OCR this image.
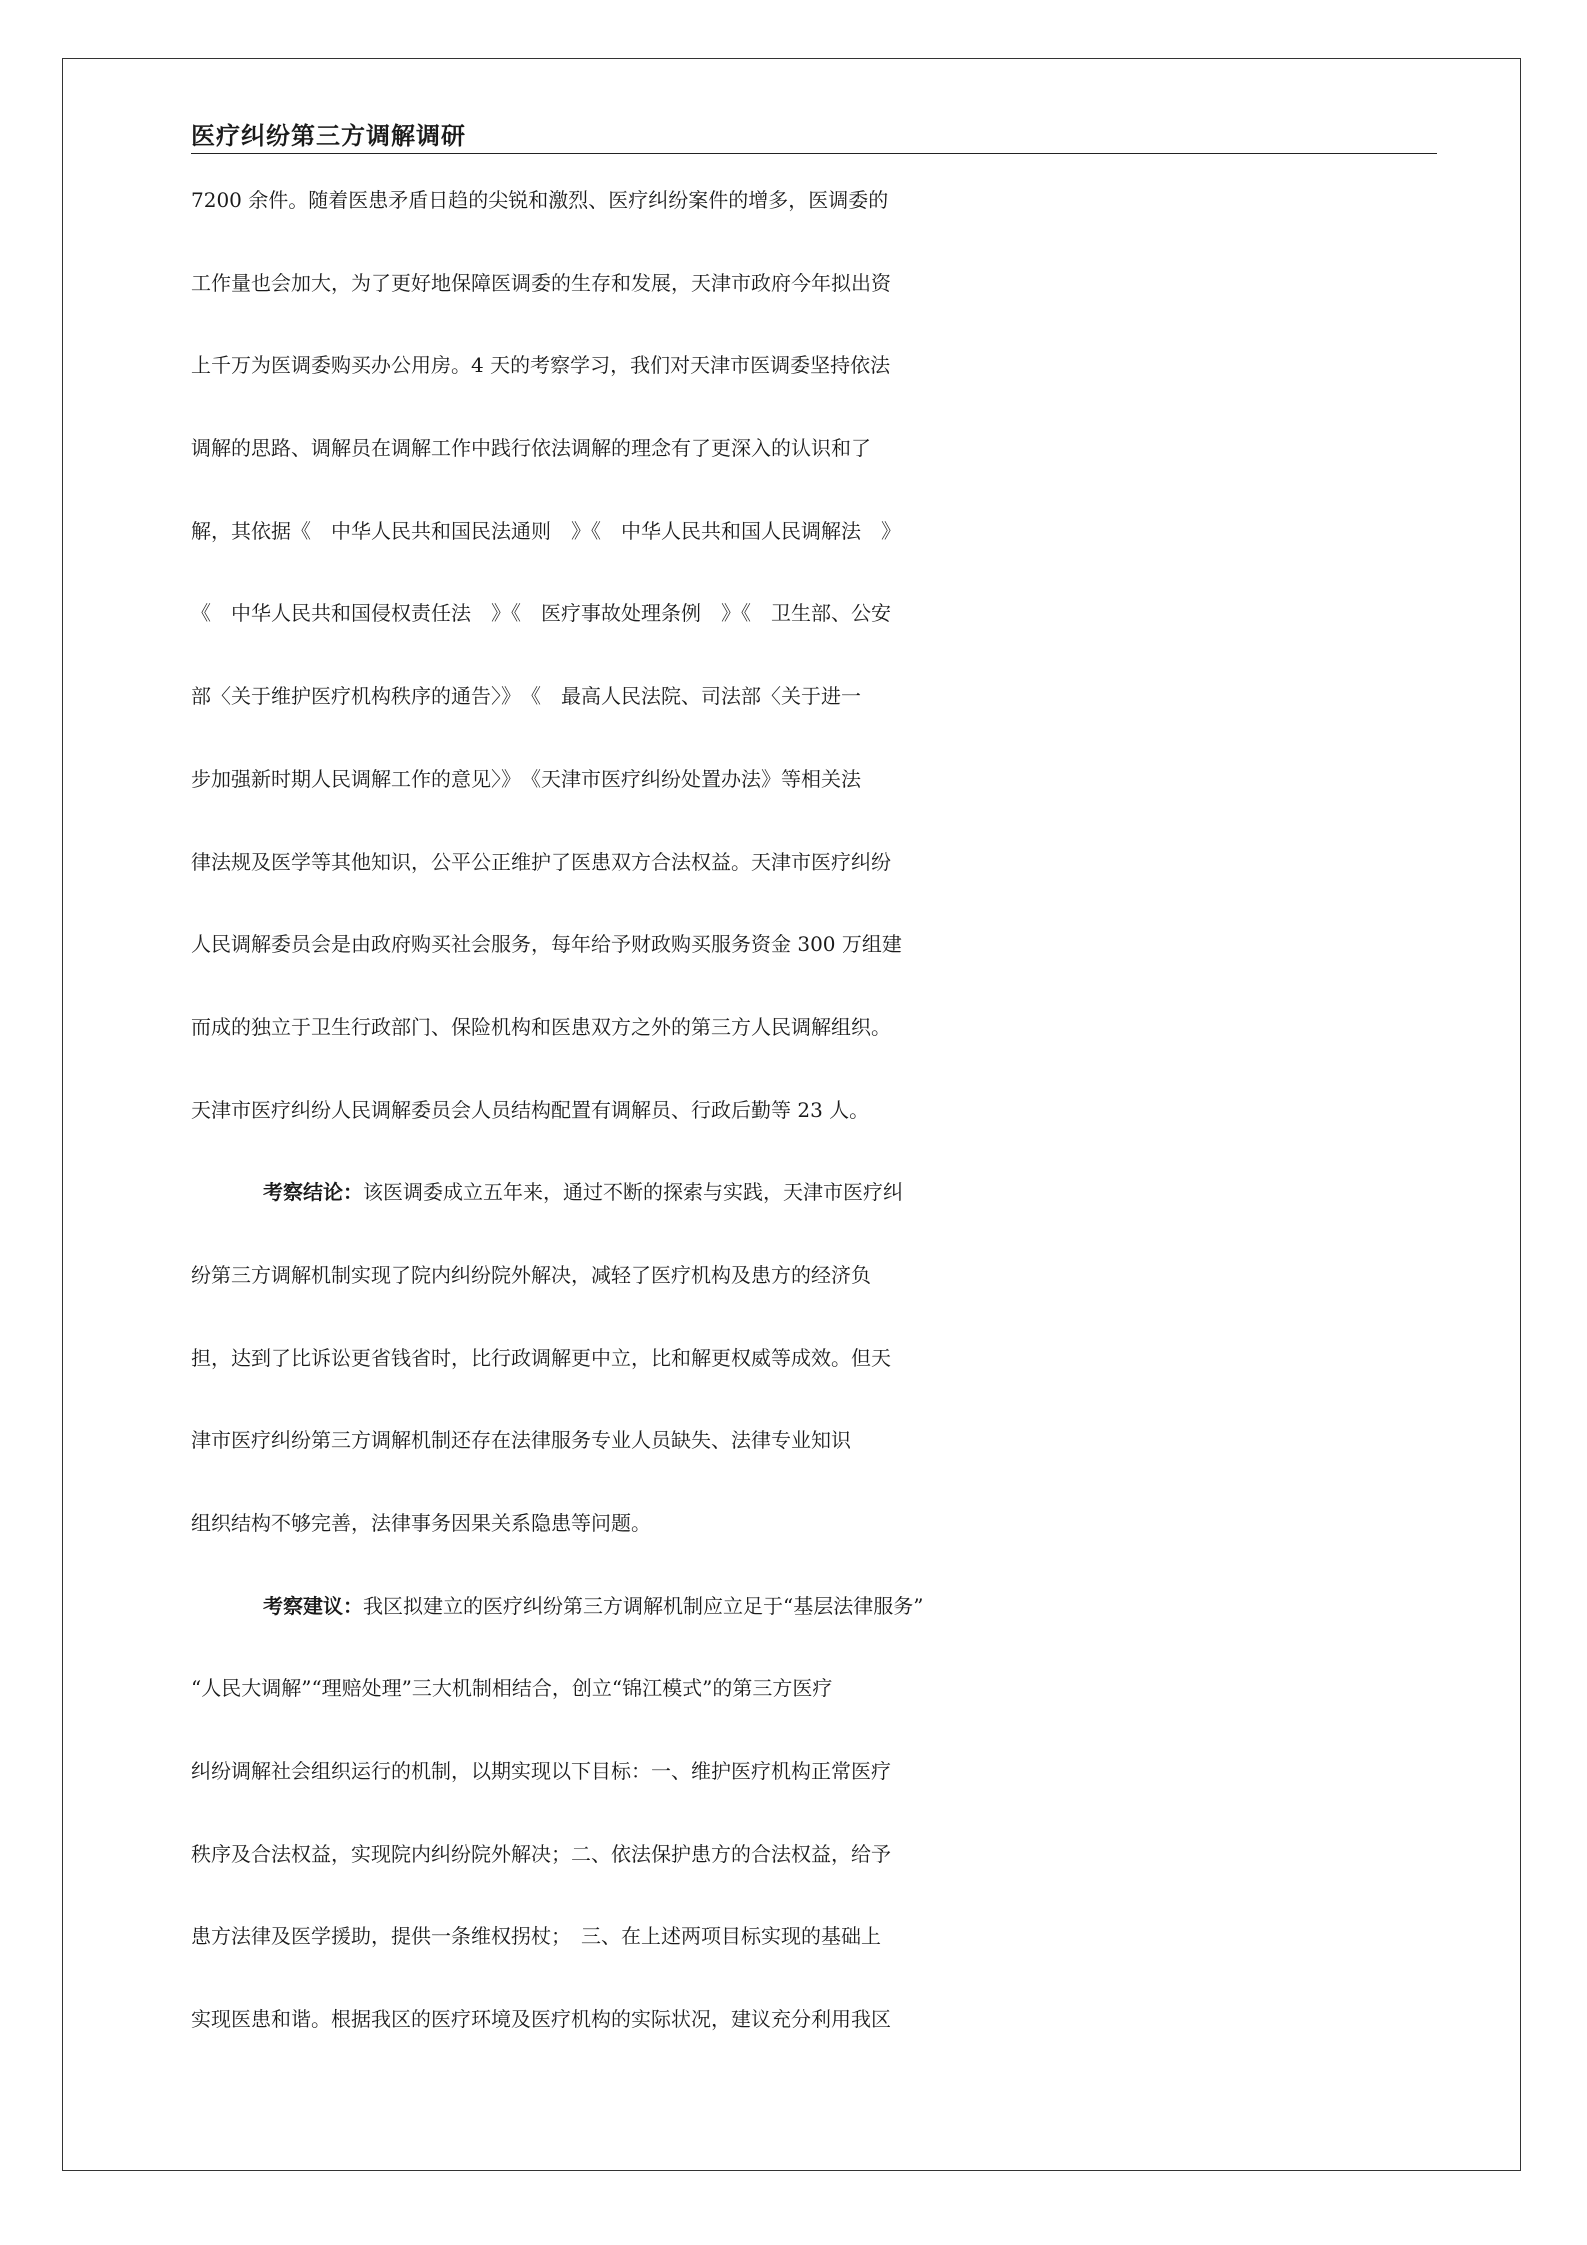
医疗纠纷第三方调解调研
7200 余件。随着医患矛盾日趋的尖锐和激烈、医疗纠纷案件的增多，医调委的
工作量也会加大，为了更好地保障医调委的生存和发展，天津市政府今年拟出资
上千万为医调委购买办公用房。4 天的考察学习，我们对天津市医调委坚持依法
调解的思路、调解员在调解工作中践行依法调解的理念有了更深入的认识和了
解，其依据《　中华人民共和国民法通则　》《　中华人民共和国人民调解法　》
《　中华人民共和国侵权责任法　》《　医疗事故处理条例　》《　卫生部、公安
部〈关于维护医疗机构秩序的通告〉》　《　最高人民法院、司法部〈关于进一
步加强新时期人民调解工作的意见〉》　《天津市医疗纠纷处置办法》等相关法
律法规及医学等其他知识，公平公正维护了医患双方合法权益。天津市医疗纠纷
人民调解委员会是由政府购买社会服务，每年给予财政购买服务资金 300 万组建
而成的独立于卫生行政部门、保险机构和医患双方之外的第三方人民调解组织。
天津市医疗纠纷人民调解委员会人员结构配置有调解员、行政后勤等 23 人。
考察结论：该医调委成立五年来，通过不断的探索与实践，天津市医疗纠
纷第三方调解机制实现了院内纠纷院外解决，减轻了医疗机构及患方的经济负
担，达到了比诉讼更省钱省时，比行政调解更中立，比和解更权威等成效。但天
津市医疗纠纷第三方调解机制还存在法律服务专业人员缺失、法律专业知识
组织结构不够完善，法律事务因果关系隐患等问题。
考察建议：我区拟建立的医疗纠纷第三方调解机制应立足于“基层法律服务”
“人民大调解”“理赔处理”三大机制相结合，创立“锦江模式”的第三方医疗
纠纷调解社会组织运行的机制，以期实现以下目标：一、维护医疗机构正常医疗
秩序及合法权益，实现院内纠纷院外解决；二、依法保护患方的合法权益，给予
患方法律及医学援助，提供一条维权拐杖；　三、在上述两项目标实现的基础上
实现医患和谐。根据我区的医疗环境及医疗机构的实际状况，建议充分利用我区
